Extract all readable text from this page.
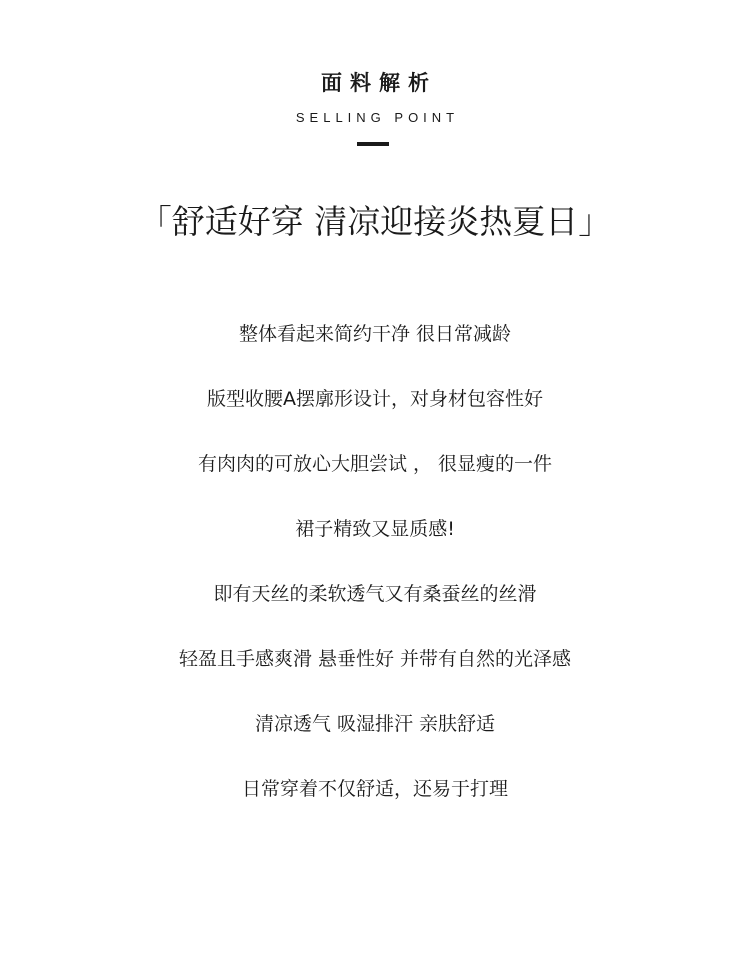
面料解析
SELLING POINT
「舒适好穿 清凉迎接炎热夏日」
整体看起来简约干净 很日常减龄
版型收腰A摆廓形设计，对身材包容性好
有肉肉的可放心大胆尝试 ， 很显瘦的一件
裙子精致又显质感!
即有天丝的柔软透气又有桑蚕丝的丝滑
轻盈且手感爽滑 悬垂性好 并带有自然的光泽感
清凉透气 吸湿排汗 亲肤舒适
日常穿着不仅舒适，还易于打理
